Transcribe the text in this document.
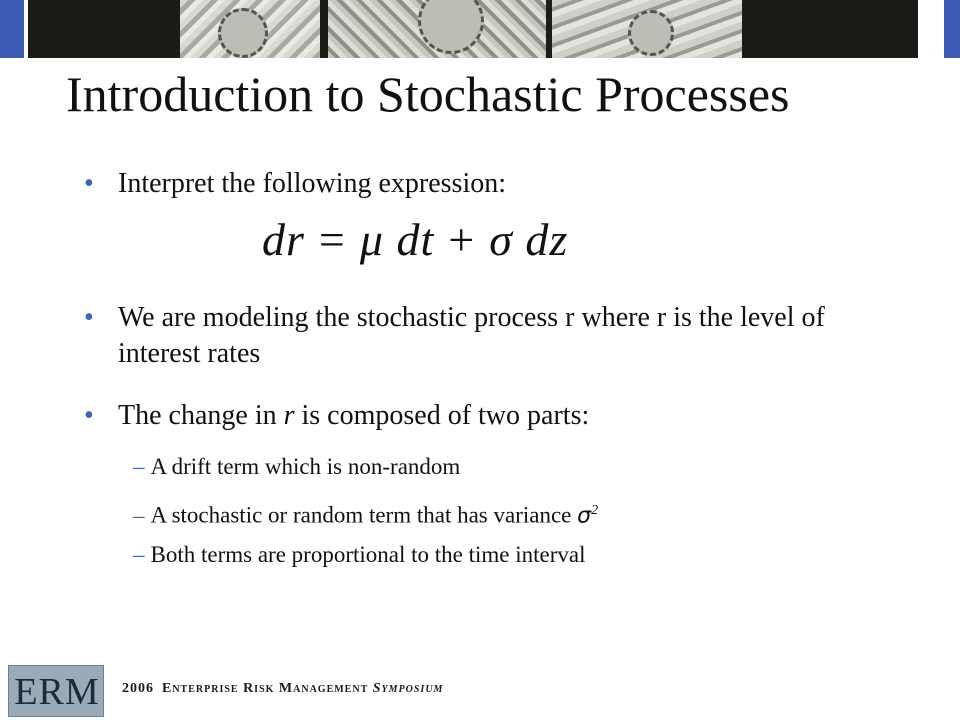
Introduction to Stochastic Processes
• Interpret the following expression:
dr = μ dt + σ dz
• We are modeling the stochastic process r where r is the level of interest rates
• The change in r is composed of two parts:
– A drift term which is non-random
– A stochastic or random term that has variance $\sigma^2$
– Both terms are proportional to the time interval
ERM	2006 Enterprise Risk Management Symposium
